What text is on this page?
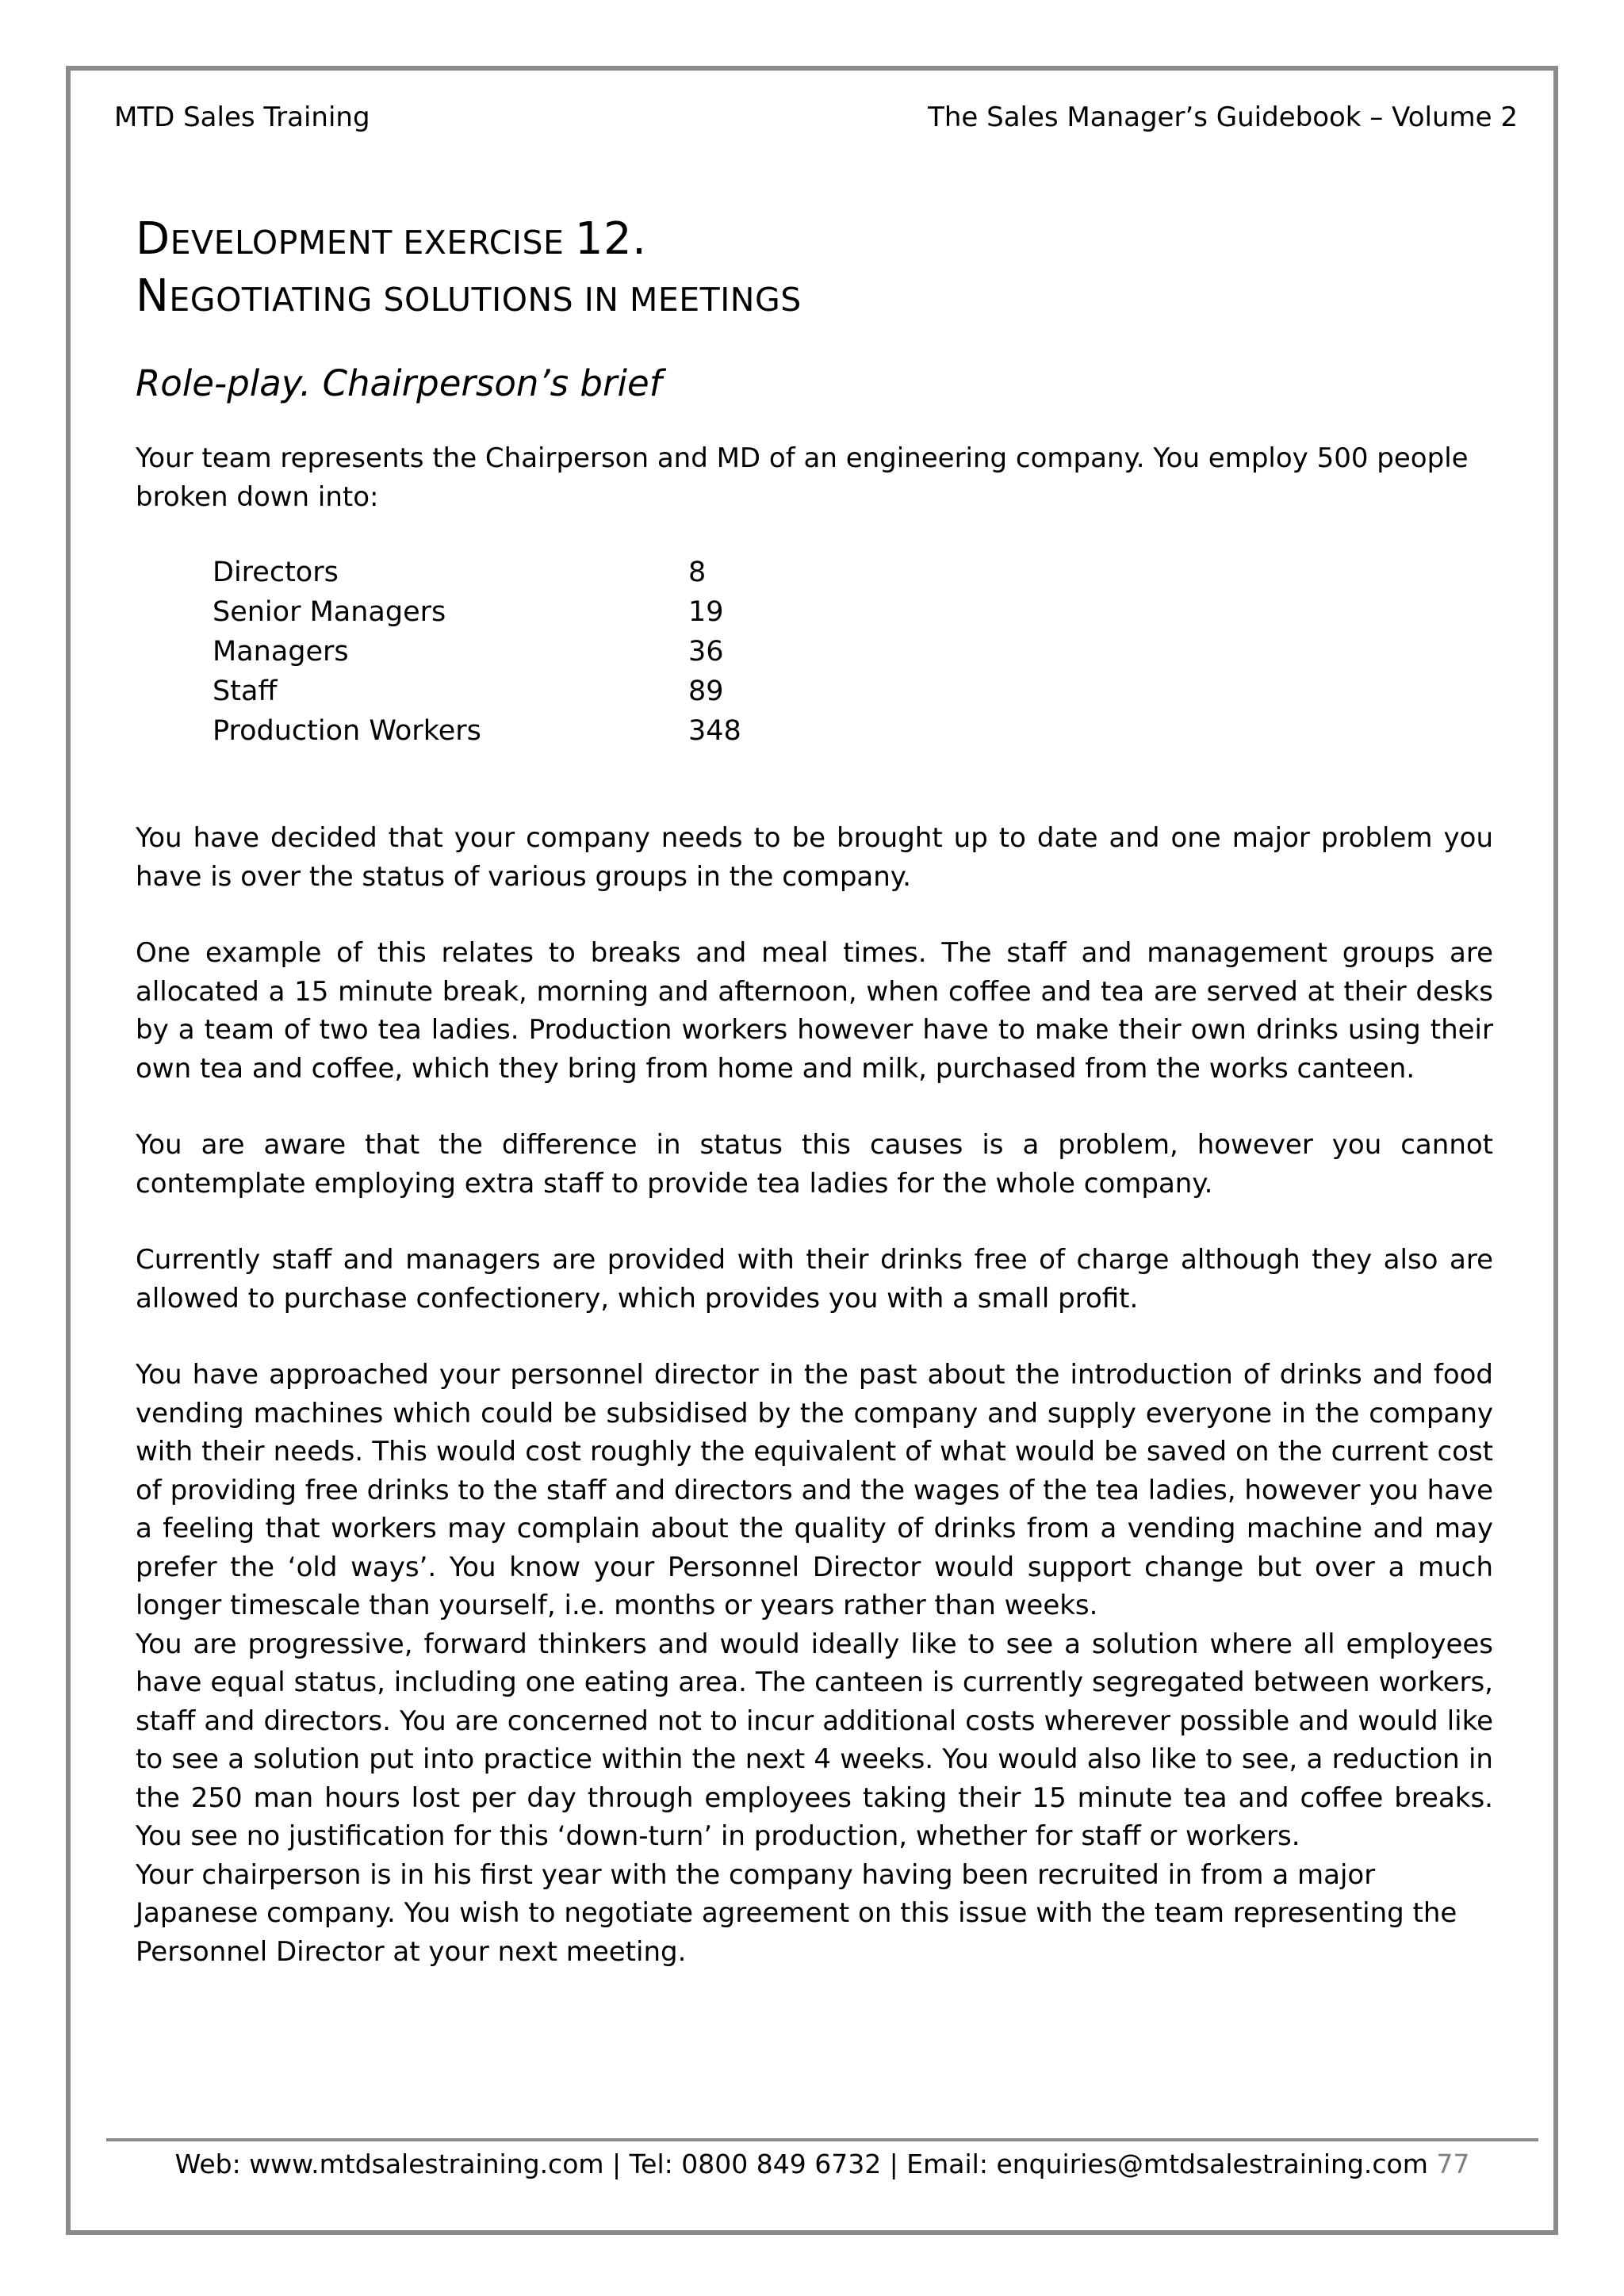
MTD Sales Training	The Sales Manager’s Guidebook – Volume 2
DEVELOPMENT EXERCISE 12.
NEGOTIATING SOLUTIONS IN MEETINGS
Role-play. Chairperson’s brief

Your team represents the Chairperson and MD of an engineering company. You employ 500 people broken down into:

Directors	8
Senior Managers	19
Managers	36
Staff	89
Production Workers	348

You have decided that your company needs to be brought up to date and one major problem you have is over the status of various groups in the company.

One example of this relates to breaks and meal times. The staff and management groups are allocated a 15 minute break, morning and afternoon, when coffee and tea are served at their desks by a team of two tea ladies. Production workers however have to make their own drinks using their own tea and coffee, which they bring from home and milk, purchased from the works canteen.

You are aware that the difference in status this causes is a problem, however you cannot contemplate employing extra staff to provide tea ladies for the whole company.

Currently staff and managers are provided with their drinks free of charge although they also are allowed to purchase confectionery, which provides you with a small profit.

You have approached your personnel director in the past about the introduction of drinks and food vending machines which could be subsidised by the company and supply everyone in the company with their needs. This would cost roughly the equivalent of what would be saved on the current cost of providing free drinks to the staff and directors and the wages of the tea ladies, however you have a feeling that workers may complain about the quality of drinks from a vending machine and may prefer the ‘old ways’. You know your Personnel Director would support change but over a much longer timescale than yourself, i.e. months or years rather than weeks.

You are progressive, forward thinkers and would ideally like to see a solution where all employees have equal status, including one eating area. The canteen is currently segregated between workers, staff and directors. You are concerned not to incur additional costs wherever possible and would like to see a solution put into practice within the next 4 weeks. You would also like to see, a reduction in the 250 man hours lost per day through employees taking their 15 minute tea and coffee breaks. You see no justification for this ‘down-turn’ in production, whether for staff or workers.

Your chairperson is in his first year with the company having been recruited in from a major Japanese company. You wish to negotiate agreement on this issue with the team representing the Personnel Director at your next meeting.

Web: www.mtdsalestraining.com | Tel: 0800 849 6732 | Email: enquiries@mtdsalestraining.com 77
